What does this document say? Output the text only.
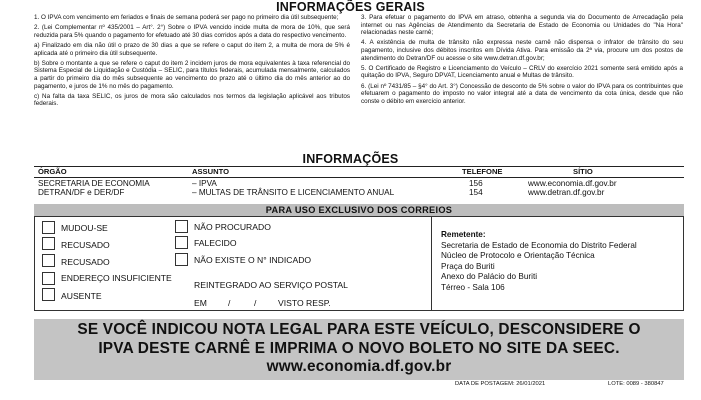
INFORMAÇÕES GERAIS

1. O IPVA com vencimento em feriados e finais de semana poderá ser pago no primeiro dia útil subsequente;

2. (Lei Complementar nº 435/2001 – Art°. 2°) Sobre o IPVA vencido incide multa de mora de 10%, que será reduzida para 5% quando o pagamento for efetuado até 30 dias corridos após a data do respectivo vencimento.

a) Finalizado em dia não útil o prazo de 30 dias a que se refere o caput do item 2, a multa de mora de 5% é aplicada até o primeiro dia útil subsequente.

b) Sobre o montante a que se refere o caput do item 2 incidem juros de mora equivalentes à taxa referencial do Sistema Especial de Liquidação e Custódia – SELIC, para títulos federais, acumulada mensalmente, calculados a partir do primeiro dia do mês subsequente ao vencimento do prazo até o último dia do mês anterior ao do pagamento, e juros de 1% no mês do pagamento.

c) Na falta da taxa SELIC, os juros de mora são calculados nos termos da legislação aplicável aos tributos federais.

3. Para efetuar o pagamento do IPVA em atraso, obtenha a segunda via do Documento de Arrecadação pela internet ou nas Agências de Atendimento da Secretaria de Estado de Economia ou Unidades do "Na Hora" relacionadas neste carnê;

4. A existência de multa de trânsito não expressa neste carnê não dispensa o infrator de trânsito do seu pagamento, inclusive dos débitos inscritos em Dívida Ativa. Para emissão da 2ª via, procure um dos postos de atendimento do Detran/DF ou acesse o site www.detran.df.gov.br;

5. O Certificado de Registro e Licenciamento do Veículo – CRLV do exercício 2021 somente será emitido após a quitação do IPVA, Seguro DPVAT, Licenciamento anual e Multas de trânsito.

6. (Lei nº 7431/85 – §4° do Art. 3°) Concessão de desconto de 5% sobre o valor do IPVA para os contribuintes que efetuarem o pagamento do imposto no valor integral até a data de vencimento da cota única, desde que não conste o débito em exercício anterior.

INFORMAÇÕES
ÓRGÃO	ASSUNTO	TELEFONE	SÍTIO
SECRETARIA DE ECONOMIA	– IPVA	156	www.economia.df.gov.br
DETRAN/DF e DER/DF	– MULTAS DE TRÂNSITO E LICENCIAMENTO ANUAL	154	www.detran.df.gov.br
PARA USO EXCLUSIVO DOS CORREIOS
MUDOU-SE
RECUSADO
RECUSADO
ENDEREÇO INSUFICIENTE
AUSENTE
NÃO PROCURADO
FALECIDO
NÃO EXISTE O N° INDICADO
REINTEGRADO AO SERVIÇO POSTAL
EM /	/	VISTO RESP.
Remetente:
Secretaria de Estado de Economia do Distrito Federal
Núcleo de Protocolo e Orientação Técnica
Praça do Buriti
Anexo do Palácio do Buriti
Térreo - Sala 106
SE VOCÊ INDICOU NOTA LEGAL PARA ESTE VEÍCULO, DESCONSIDERE O
IPVA DESTE CARNÊ E IMPRIMA O NOVO BOLETO NO SITE DA SEEC.
www.economia.df.gov.br
DATA DE POSTAGEM: 26/01/2021	LOTE: 0089 - 380847
